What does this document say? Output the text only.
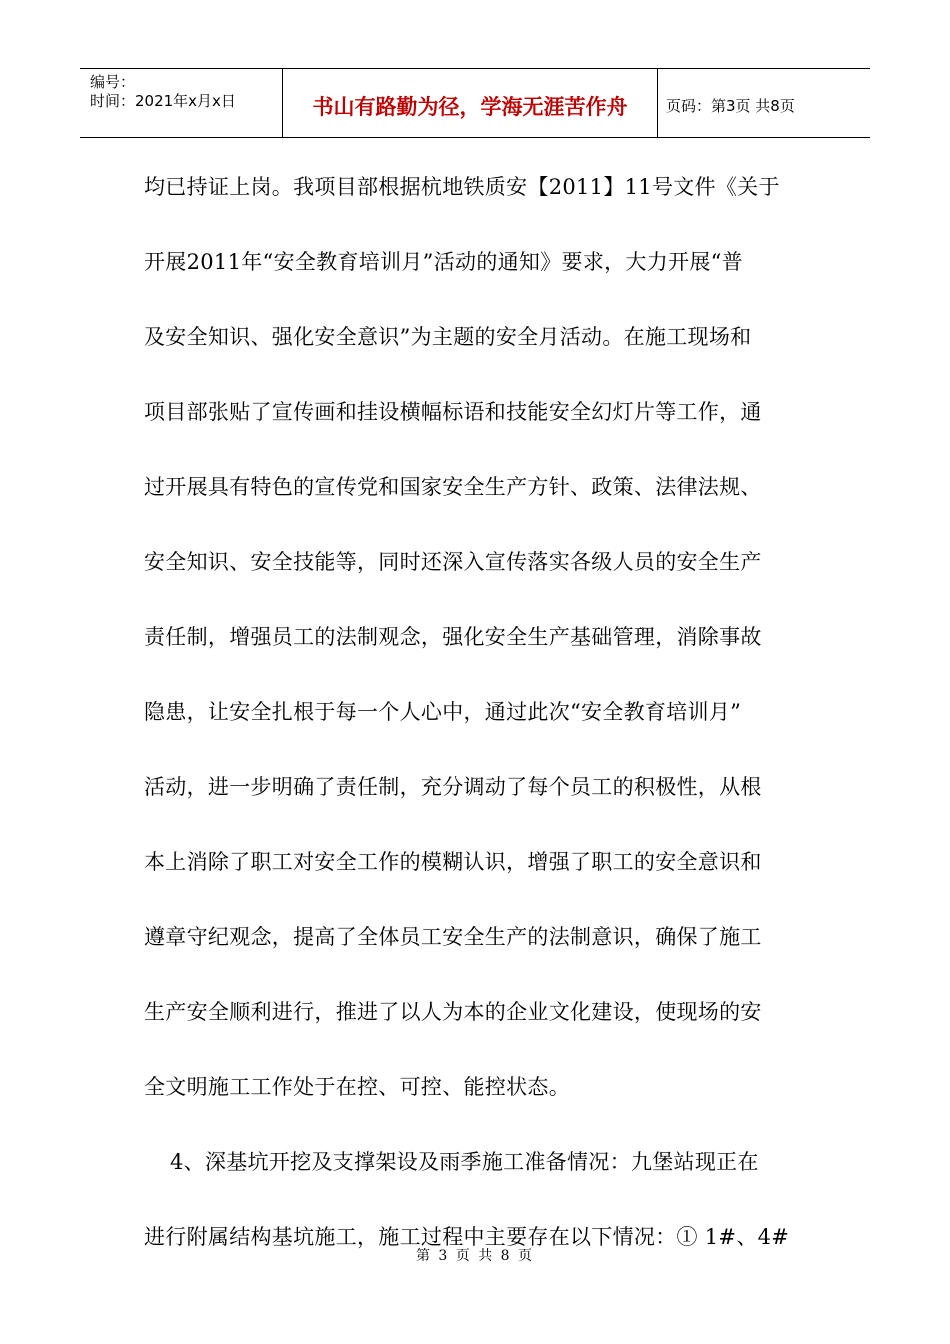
编号：
时间：2021年x月x日	书山有路勤为径，学海无涯苦作舟	页码：第3页 共8页
均已持证上岗。我项目部根据杭地铁质安【2011】11号文件《关于
开展2011年“安全教育培训月”活动的通知》要求，大力开展“普
及安全知识、强化安全意识”为主题的安全月活动。在施工现场和
项目部张贴了宣传画和挂设横幅标语和技能安全幻灯片等工作，通
过开展具有特色的宣传党和国家安全生产方针、政策、法律法规、
安全知识、安全技能等，同时还深入宣传落实各级人员的安全生产
责任制，增强员工的法制观念，强化安全生产基础管理，消除事故
隐患，让安全扎根于每一个人心中，通过此次“安全教育培训月”
活动，进一步明确了责任制，充分调动了每个员工的积极性，从根
本上消除了职工对安全工作的模糊认识，增强了职工的安全意识和
遵章守纪观念，提高了全体员工安全生产的法制意识，确保了施工
生产安全顺利进行，推进了以人为本的企业文化建设，使现场的安
全文明施工工作处于在控、可控、能控状态。
4、深基坑开挖及支撑架设及雨季施工准备情况：九堡站现正在
进行附属结构基坑施工，施工过程中主要存在以下情况：① 1#、4#
第 3 页 共 8 页
